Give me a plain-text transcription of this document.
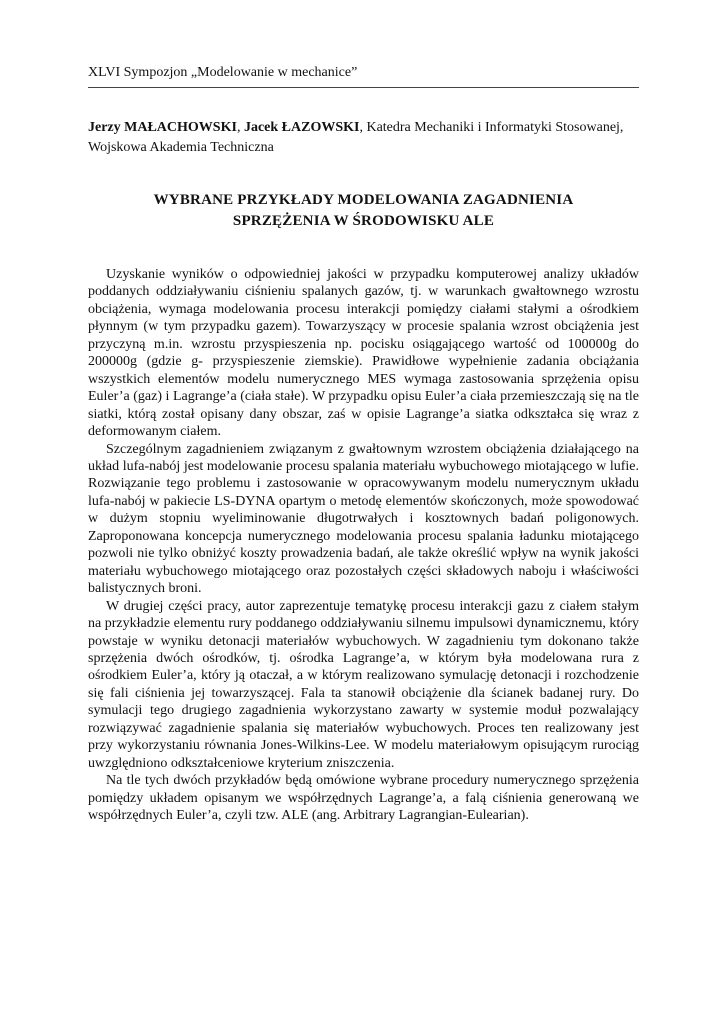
XLVI Sympozjon „Modelowanie w mechanice”
Jerzy MAŁACHOWSKI, Jacek ŁAZOWSKI, Katedra Mechaniki i Informatyki Stosowanej, Wojskowa Akademia Techniczna
WYBRANE PRZYKŁADY MODELOWANIA ZAGADNIENIA
SPRZĘŻENIA W ŚRODOWISKU ALE

Uzyskanie wyników o odpowiedniej jakości w przypadku komputerowej analizy układów poddanych oddziaływaniu ciśnieniu spalanych gazów, tj. w warunkach gwałtownego wzrostu obciążenia, wymaga modelowania procesu interakcji pomiędzy ciałami stałymi a ośrodkiem płynnym (w tym przypadku gazem). Towarzyszący w procesie spalania wzrost obciążenia jest przyczyną m.in. wzrostu przyspieszenia np. pocisku osiągającego wartość od 100000g do 200000g (gdzie g- przyspieszenie ziemskie). Prawidłowe wypełnienie zadania obciążania wszystkich elementów modelu numerycznego MES wymaga zastosowania sprzężenia opisu Euler’a (gaz) i Lagrange’a (ciała stałe). W przypadku opisu Euler’a ciała przemieszczają się na tle siatki, którą został opisany dany obszar, zaś w opisie Lagrange’a siatka odkształca się wraz z deformowanym ciałem.

Szczególnym zagadnieniem związanym z gwałtownym wzrostem obciążenia działającego na układ lufa-nabój jest modelowanie procesu spalania materiału wybuchowego miotającego w lufie. Rozwiązanie tego problemu i zastosowanie w opracowywanym modelu numerycznym układu lufa-nabój w pakiecie LS-DYNA opartym o metodę elementów skończonych, może spowodować w dużym stopniu wyeliminowanie długotrwałych i kosztownych badań poligonowych. Zaproponowana koncepcja numerycznego modelowania procesu spalania ładunku miotającego pozwoli nie tylko obniżyć koszty prowadzenia badań, ale także określić wpływ na wynik jakości materiału wybuchowego miotającego oraz pozostałych części składowych naboju i właściwości balistycznych broni.

W drugiej części pracy, autor zaprezentuje tematykę procesu interakcji gazu z ciałem stałym na przykładzie elementu rury poddanego oddziaływaniu silnemu impulsowi dynamicznemu, który powstaje w wyniku detonacji materiałów wybuchowych. W zagadnieniu tym dokonano także sprzężenia dwóch ośrodków, tj. ośrodka Lagrange’a, w którym była modelowana rura z ośrodkiem Euler’a, który ją otaczał, a w którym realizowano symulację detonacji i rozchodzenie się fali ciśnienia jej towarzyszącej. Fala ta stanowił obciążenie dla ścianek badanej rury. Do symulacji tego drugiego zagadnienia wykorzystano zawarty w systemie moduł pozwalający rozwiązywać zagadnienie spalania się materiałów wybuchowych. Proces ten realizowany jest przy wykorzystaniu równania Jones-Wilkins-Lee. W modelu materiałowym opisującym rurociąg uwzględniono odkształceniowe kryterium zniszczenia.

Na tle tych dwóch przykładów będą omówione wybrane procedury numerycznego sprzężenia pomiędzy układem opisanym we współrzędnych Lagrange’a, a falą ciśnienia generowaną we współrzędnych Euler’a, czyli tzw. ALE (ang. Arbitrary Lagrangian-Eulearian).
